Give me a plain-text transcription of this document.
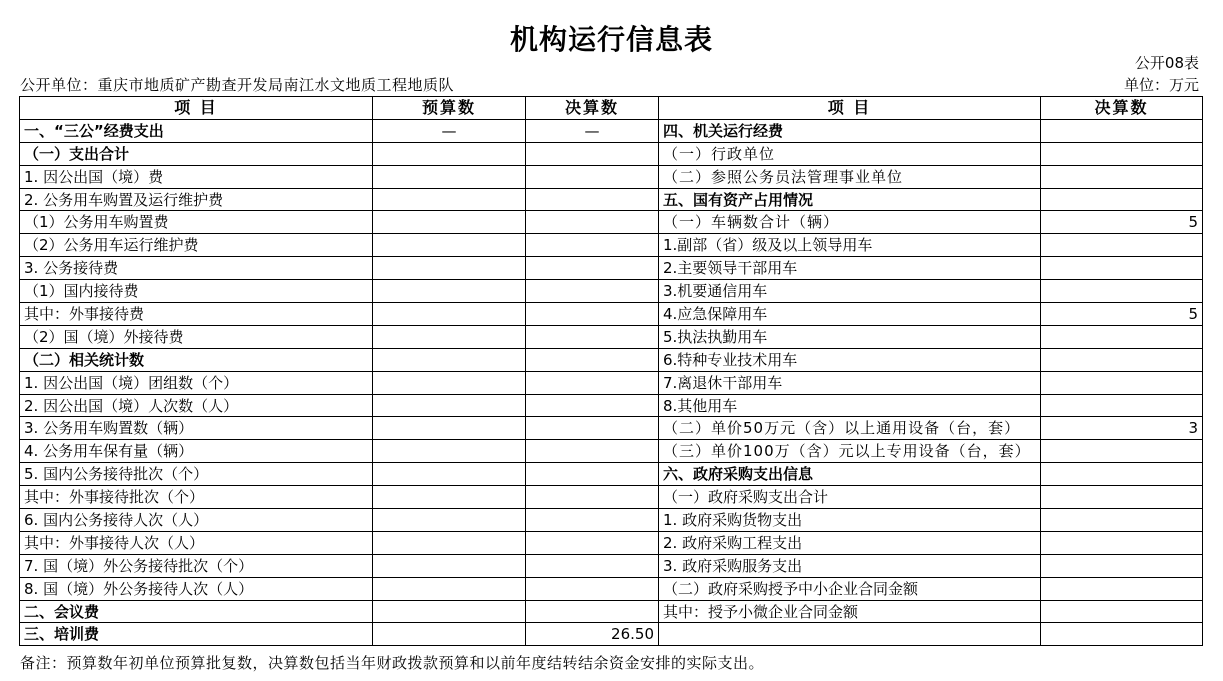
机构运行信息表
公开08表
公开单位：重庆市地质矿产勘查开发局南江水文地质工程地质队	单位：万元
项 目	预算数	决算数	项 目	决算数
一、“三公”经费支出	—	—	四、机关运行经费	
（一）支出合计			（一）行政单位	
1. 因公出国（境）费			（二）参照公务员法管理事业单位	
2. 公务用车购置及运行维护费			五、国有资产占用情况	
（1）公务用车购置费			（一）车辆数合计（辆）	5
（2）公务用车运行维护费			1.副部（省）级及以上领导用车	
3. 公务接待费			2.主要领导干部用车	
（1）国内接待费			3.机要通信用车	
其中：外事接待费			4.应急保障用车	5
（2）国（境）外接待费			5.执法执勤用车	
（二）相关统计数			6.特种专业技术用车	
1. 因公出国（境）团组数（个）			7.离退休干部用车	
2. 因公出国（境）人次数（人）			8.其他用车	
3. 公务用车购置数（辆）			（二）单价50万元（含）以上通用设备（台，套）	3
4. 公务用车保有量（辆）			（三）单价100万（含）元以上专用设备（台，套）	
5. 国内公务接待批次（个）			六、政府采购支出信息	
其中：外事接待批次（个）			（一）政府采购支出合计	
6. 国内公务接待人次（人）			1. 政府采购货物支出	
其中：外事接待人次（人）			2. 政府采购工程支出	
7. 国（境）外公务接待批次（个）			3. 政府采购服务支出	
8. 国（境）外公务接待人次（人）			（二）政府采购授予中小企业合同金额	
二、会议费			其中：授予小微企业合同金额	
三、培训费		26.50		
备注：预算数年初单位预算批复数，决算数包括当年财政拨款预算和以前年度结转结余资金安排的实际支出。
